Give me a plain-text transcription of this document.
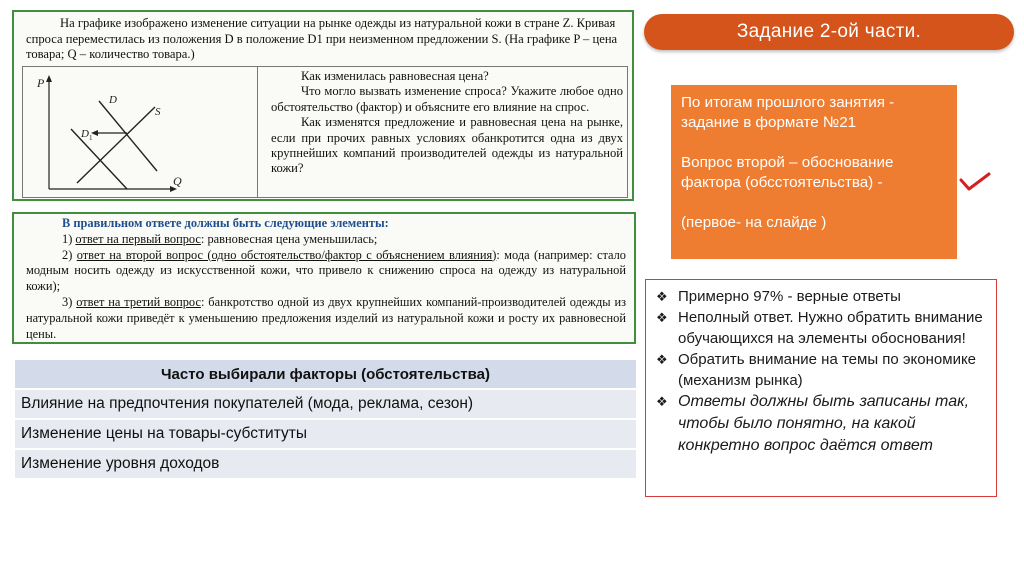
На графике изображено изменение ситуации на рынке одежды из натуральной кожи в стране Z. Кривая спроса переместилась из положения D в положение D1 при неизменном предложении S. (На графике P – цена товара; Q – количество товара.)
P
Q
D
D 1
S

Как изменилась равновесная цена?

Что могло вызвать изменение спроса? Укажите любое одно обстоятельство (фактор) и объясните его влияние на спрос.

Как изменятся предложение и равновесная цена на рынке, если при прочих равных условиях обанкротится одна из двух крупнейших компаний производителей одежды из натуральной кожи?

В правильном ответе должны быть следующие элементы:

1) ответ на первый вопрос: равновесная цена уменьшилась;

2) ответ на второй вопрос (одно обстоятельство/фактор с объяснением влияния): мода (например: стало модным носить одежду из искусственной кожи, что привело к снижению спроса на одежду из натуральной кожи);

3) ответ на третий вопрос: банкротство одной из двух крупнейших компаний-производителей одежды из натуральной кожи приведёт к уменьшению предложения изделий из натуральной кожи и росту их равновесной цены.

Часто выбирали факторы (обстоятельства)
Влияние на предпочтения покупателей (мода, реклама, сезон)
Изменение цены на товары-субституты
Изменение уровня доходов
Задание 2-ой части.
По итогам прошлого занятия - задание в формате №21
Вопрос второй – обоснование фактора (обсстоятельства) -
(первое- на слайде )
❖ Примерно 97% - верные ответы
❖ Неполный ответ. Нужно обратить внимание обучающихся на элементы обоснования!
❖ Обратить внимание на темы по экономике (механизм рынка)
❖ Ответы должны быть записаны так, чтобы было понятно, на какой конкретно вопрос даётся ответ
